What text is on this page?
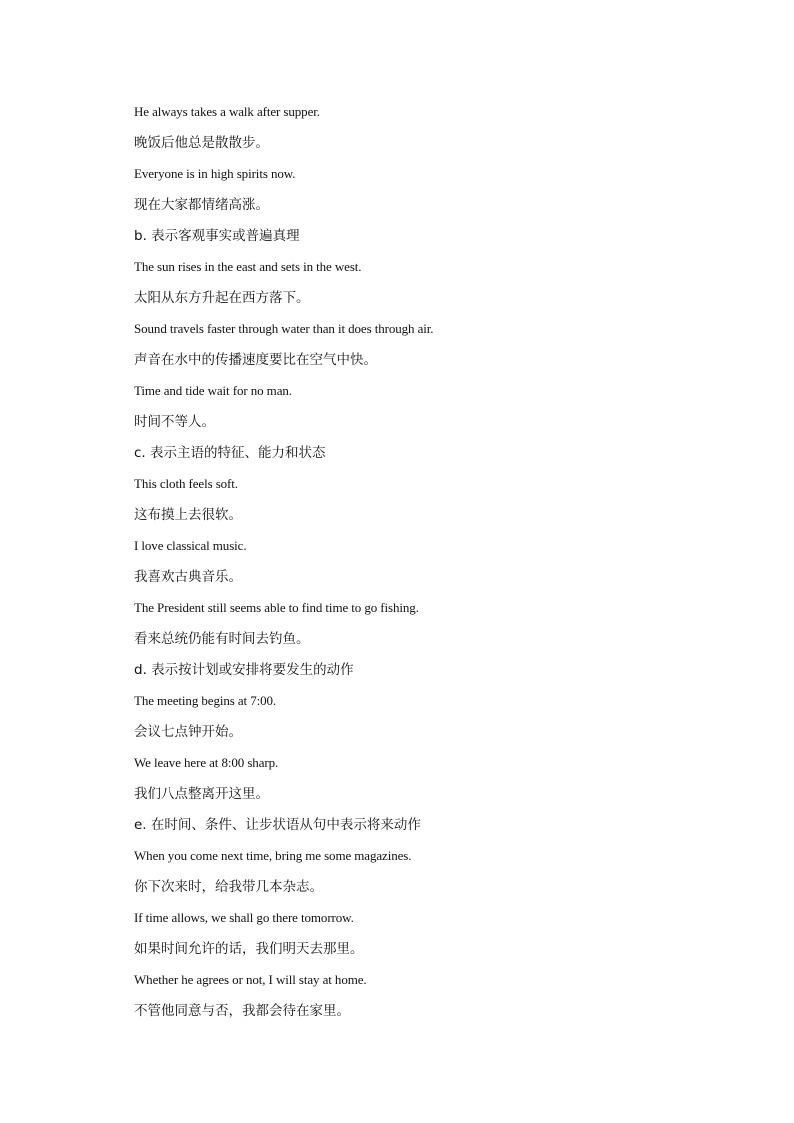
He always takes a walk after supper.
晚饭后他总是散散步。
Everyone is in high spirits now.
现在大家都情绪高涨。
b. 表示客观事实或普遍真理
The sun rises in the east and sets in the west.
太阳从东方升起在西方落下。
Sound travels faster through water than it does through air.
声音在水中的传播速度要比在空气中快。
Time and tide wait for no man.
时间不等人。
c. 表示主语的特征、能力和状态
This cloth feels soft.
这布摸上去很软。
I love classical music.
我喜欢古典音乐。
The President still seems able to find time to go fishing.
看来总统仍能有时间去钓鱼。
d. 表示按计划或安排将要发生的动作
The meeting begins at 7:00.
会议七点钟开始。
We leave here at 8:00 sharp.
我们八点整离开这里。
e. 在时间、条件、让步状语从句中表示将来动作
When you come next time, bring me some magazines.
你下次来时，给我带几本杂志。
If time allows, we shall go there tomorrow.
如果时间允许的话，我们明天去那里。
Whether he agrees or not, I will stay at home.
不管他同意与否，我都会待在家里。
